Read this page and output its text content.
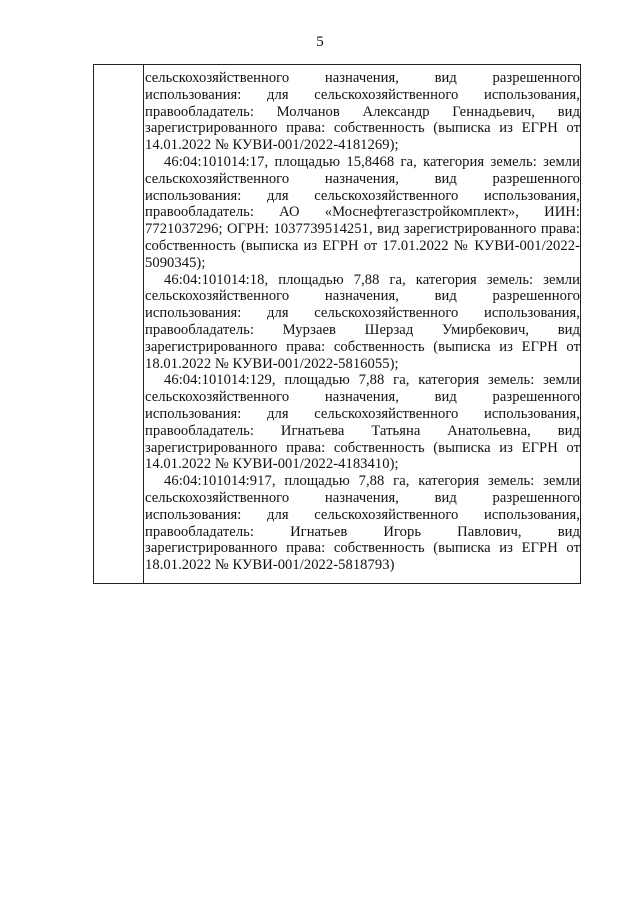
5

сельскохозяйственного назначения, вид разрешенного использования: для сельскохозяйственного использования, правообладатель: Молчанов Александр Геннадьевич, вид зарегистрированного права: собственность (выписка из ЕГРН от 14.01.2022 № КУВИ-001/2022-4181269);

46:04:101014:17, площадью 15,8468 га, категория земель: земли сельскохозяйственного назначения, вид разрешенного использования: для сельскохозяйственного использования, правообладатель: АО «Моснефтегазстройкомплект», ИИН: 7721037296; ОГРН: 1037739514251, вид зарегистрированного права: собственность (выписка из ЕГРН от 17.01.2022 № КУВИ-001/2022-5090345);

46:04:101014:18, площадью 7,88 га, категория земель: земли сельскохозяйственного назначения, вид разрешенного использования: для сельскохозяйственного использования, правообладатель: Мурзаев Шерзад Умирбекович, вид зарегистрированного права: собственность (выписка из ЕГРН от 18.01.2022 № КУВИ-001/2022-5816055);

46:04:101014:129, площадью 7,88 га, категория земель: земли сельскохозяйственного назначения, вид разрешенного использования: для сельскохозяйственного использования, правообладатель: Игнатьева Татьяна Анатольевна, вид зарегистрированного права: собственность (выписка из ЕГРН от 14.01.2022 № КУВИ-001/2022-4183410);

46:04:101014:917, площадью 7,88 га, категория земель: земли сельскохозяйственного назначения, вид разрешенного использования: для сельскохозяйственного использования, правообладатель: Игнатьев Игорь Павлович, вид зарегистрированного права: собственность (выписка из ЕГРН от 18.01.2022 № КУВИ-001/2022-5818793)
